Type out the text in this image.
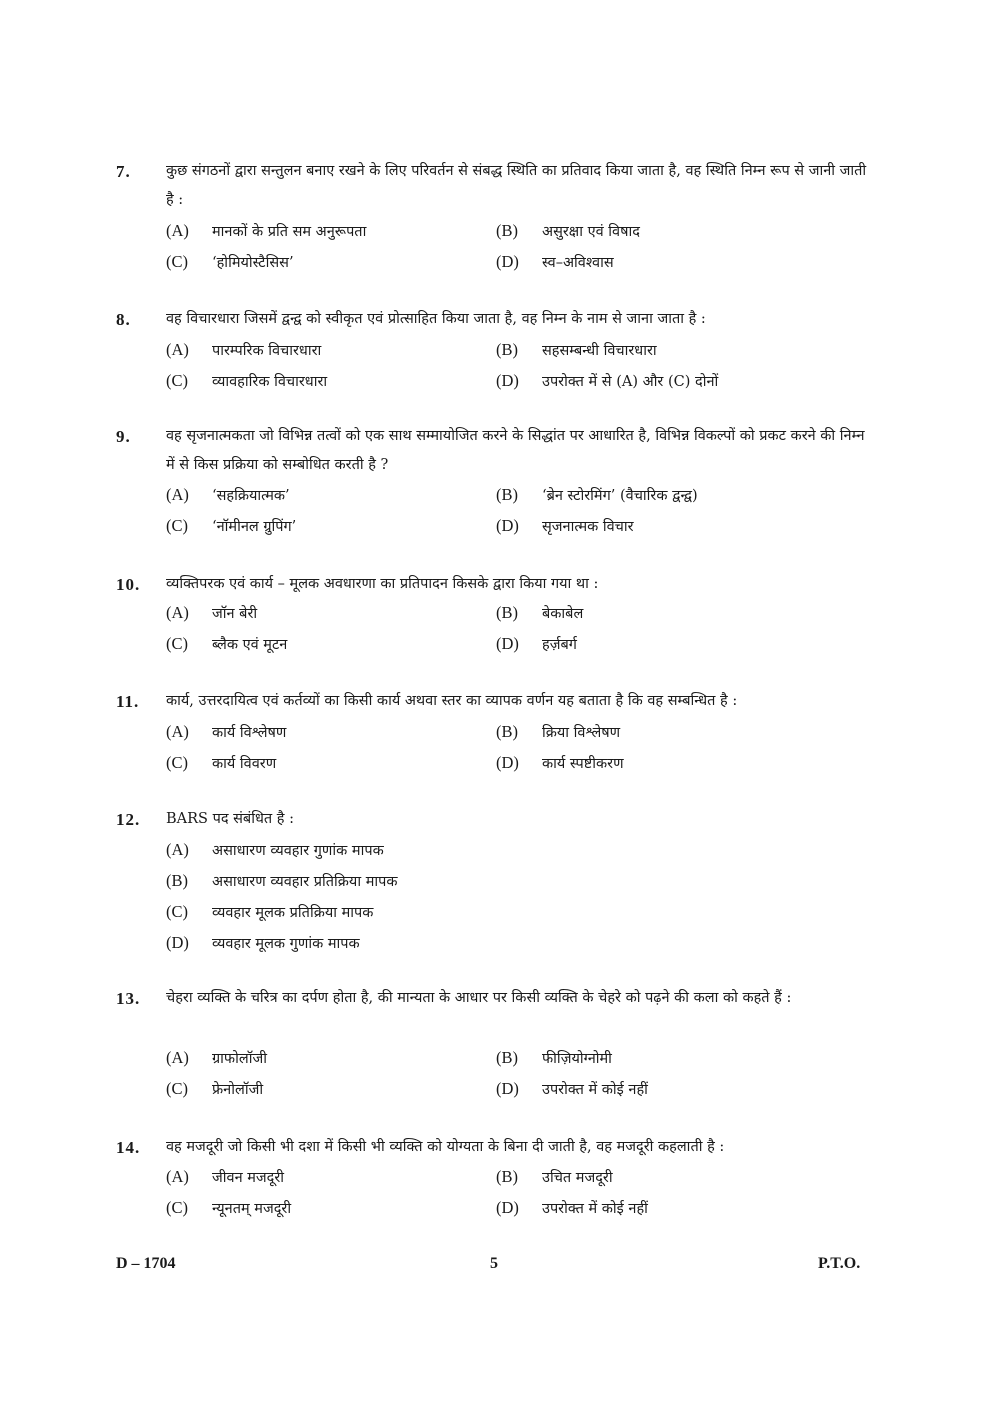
7. कुछ संगठनों द्वारा सन्तुलन बनाए रखने के लिए परिवर्तन से संबद्ध स्थिति का प्रतिवाद किया जाता है, वह स्थिति निम्न रूप से जानी जाती है :
(A) मानकों के प्रति सम अनुरूपता	(B) असुरक्षा एवं विषाद
(C) ‘होमियोस्टैसिस’	(D) स्व–अविश्वास
8. वह विचारधारा जिसमें द्वन्द्व को स्वीकृत एवं प्रोत्साहित किया जाता है, वह निम्न के नाम से जाना जाता है :
(A) पारम्परिक विचारधारा	(B) सहसम्बन्धी विचारधारा
(C) व्यावहारिक विचारधारा	(D) उपरोक्त में से (A) और (C) दोनों
9. वह सृजनात्मकता जो विभिन्न तत्वों को एक साथ सम्मायोजित करने के सिद्धांत पर आधारित है, विभिन्न विकल्पों को प्रकट करने की निम्न में से किस प्रक्रिया को सम्बोधित करती है ?
(A) ‘सहक्रियात्मक’	(B) ‘ब्रेन स्टोरमिंग’ (वैचारिक द्वन्द्व)
(C) ‘नॉमीनल ग्रुपिंग’	(D) सृजनात्मक विचार
10. व्यक्तिपरक एवं कार्य – मूलक अवधारणा का प्रतिपादन किसके द्वारा किया गया था :
(A) जॉन बेरी	(B) बेकाबेल
(C) ब्लैक एवं मूटन	(D) हर्ज़बर्ग
11. कार्य, उत्तरदायित्व एवं कर्तव्यों का किसी कार्य अथवा स्तर का व्यापक वर्णन यह बताता है कि वह सम्बन्धित है :
(A) कार्य विश्लेषण	(B) क्रिया विश्लेषण
(C) कार्य विवरण	(D) कार्य स्पष्टीकरण
12. BARS पद संबंधित है :
(A) असाधारण व्यवहार गुणांक मापक
(B) असाधारण व्यवहार प्रतिक्रिया मापक
(C) व्यवहार मूलक प्रतिक्रिया मापक
(D) व्यवहार मूलक गुणांक मापक
13. चेहरा व्यक्ति के चरित्र का दर्पण होता है, की मान्यता के आधार पर किसी व्यक्ति के चेहरे को पढ़ने की कला को कहते हैं :
(A) ग्राफोलॉजी	(B) फीज़ियोग्नोमी
(C) फ्रेनोलॉजी	(D) उपरोक्त में कोई नहीं
14. वह मजदूरी जो किसी भी दशा में किसी भी व्यक्ति को योग्यता के बिना दी जाती है, वह मजदूरी कहलाती है :
(A) जीवन मजदूरी	(B) उचित मजदूरी
(C) न्यूनतम् मजदूरी	(D) उपरोक्त में कोई नहीं
D – 1704	5	P.T.O.
